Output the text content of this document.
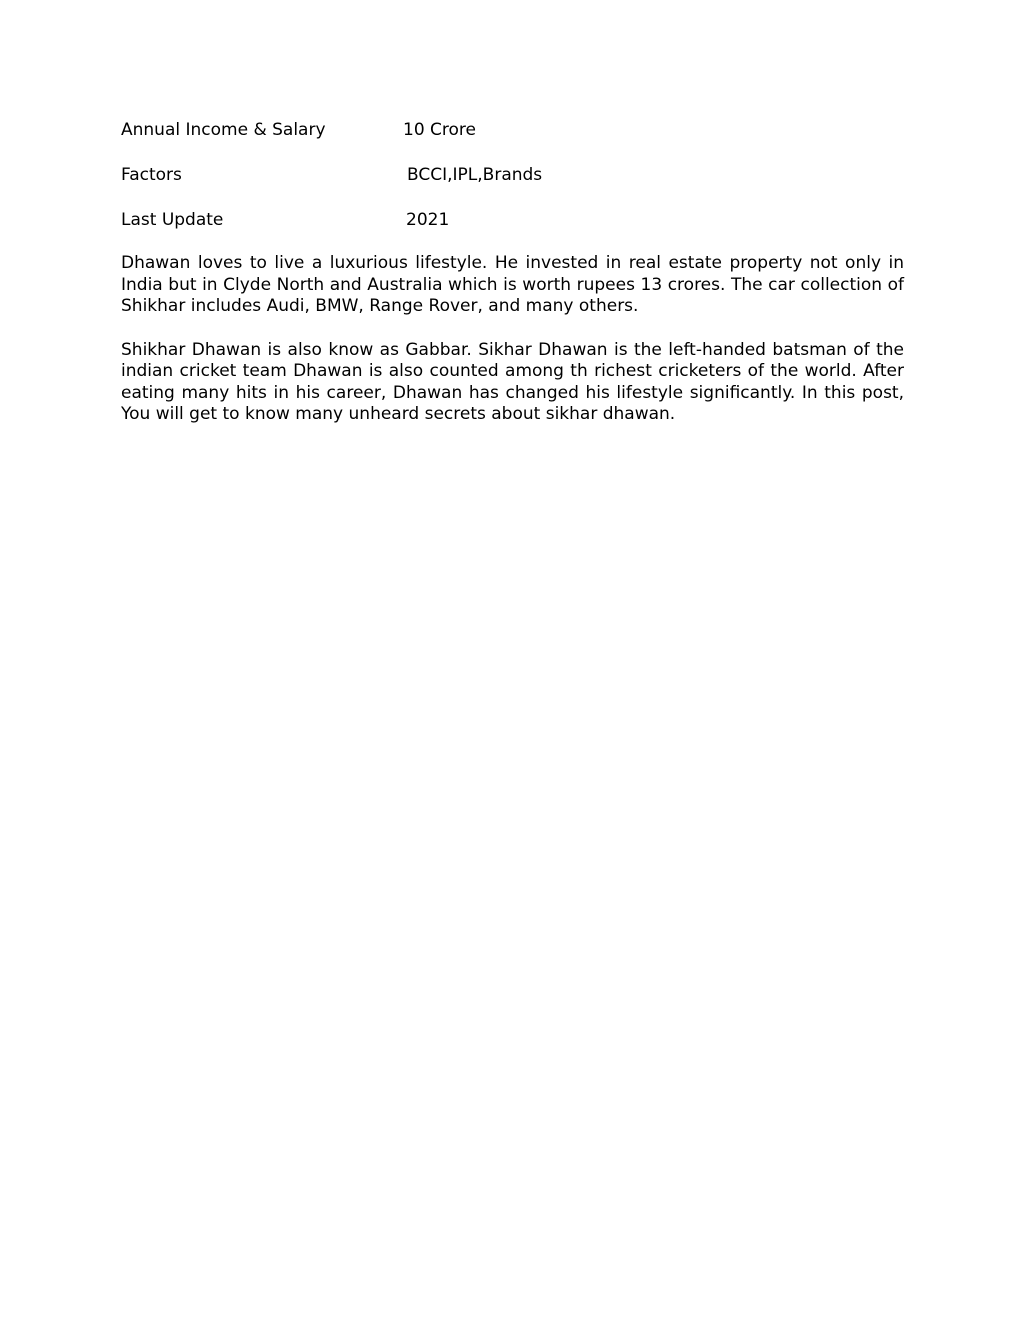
Annual Income & Salary	10 Crore
Factors	BCCI,IPL,Brands
Last Update	2021

Dhawan loves to live a luxurious lifestyle. He invested in real estate property not only in India but in Clyde North and Australia which is worth rupees 13 crores. The car collection of Shikhar includes Audi, BMW, Range Rover, and many others.

Shikhar Dhawan is also know as Gabbar. Sikhar Dhawan is the left-handed batsman of the indian cricket team Dhawan is also counted among th richest cricketers of the world. After eating many hits in his career, Dhawan has changed his lifestyle significantly. In this post, You will get to know many unheard secrets about sikhar dhawan.
